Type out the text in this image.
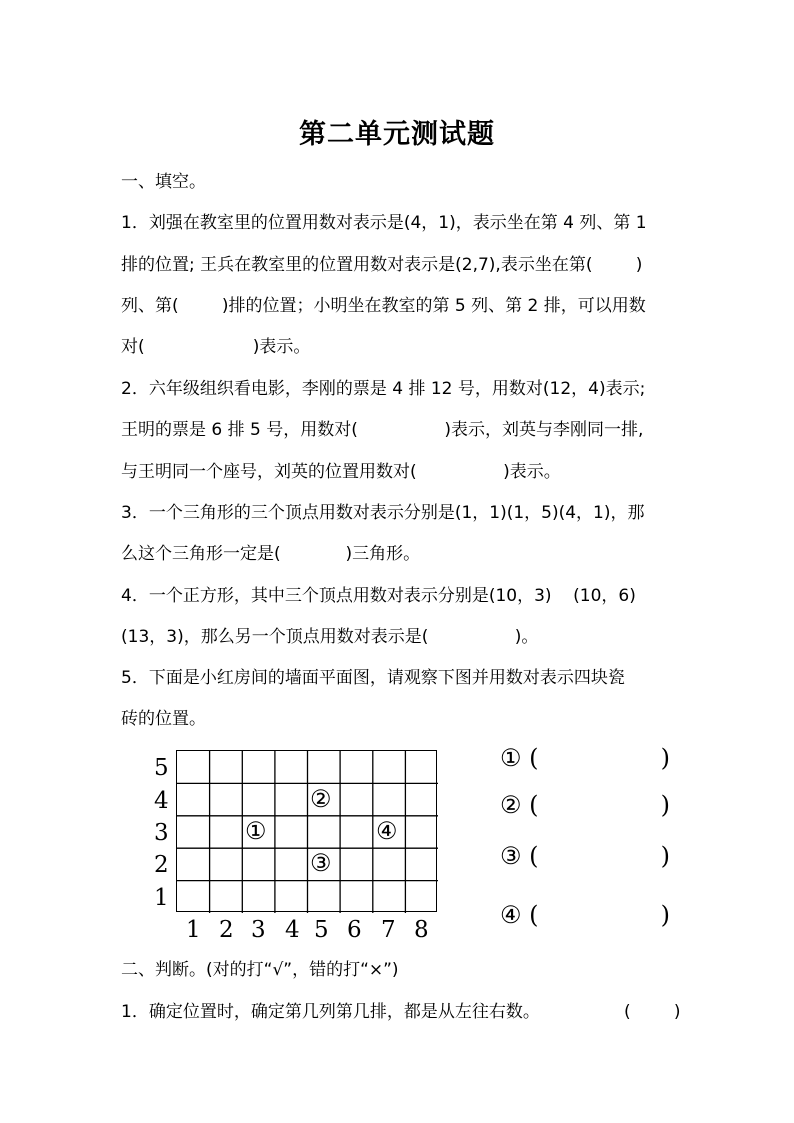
第二单元测试题
一、填空。
1．刘强在教室里的位置用数对表示是(4，1)，表示坐在第 4 列、第 1
排的位置; 王兵在教室里的位置用数对表示是(2,7),表示坐在第(        )
列、第(        )排的位置；小明坐在教室的第 5 列、第 2 排，可以用数
对(                    )表示。
2．六年级组织看电影，李刚的票是 4 排 12 号，用数对(12，4)表示;
王明的票是 6 排 5 号，用数对(                )表示，刘英与李刚同一排,
与王明同一个座号，刘英的位置用数对(                )表示。
3．一个三角形的三个顶点用数对表示分别是(1，1)(1，5)(4，1)，那
么这个三角形一定是(            )三角形。
4．一个正方形，其中三个顶点用数对表示分别是(10，3)    (10，6)
(13，3)，那么另一个顶点用数对表示是(                )。
5．下面是小红房间的墙面平面图，请观察下图并用数对表示四块瓷
砖的位置。
5
4
3
2
1
1 2 3 4 5 6 7 8
①
②
③
④
① (                )
② (                )
③ (                )
④ (                )
二、判断。(对的打“√”，错的打“×”)
1．确定位置时，确定第几列第几排，都是从左往右数。	(        )
